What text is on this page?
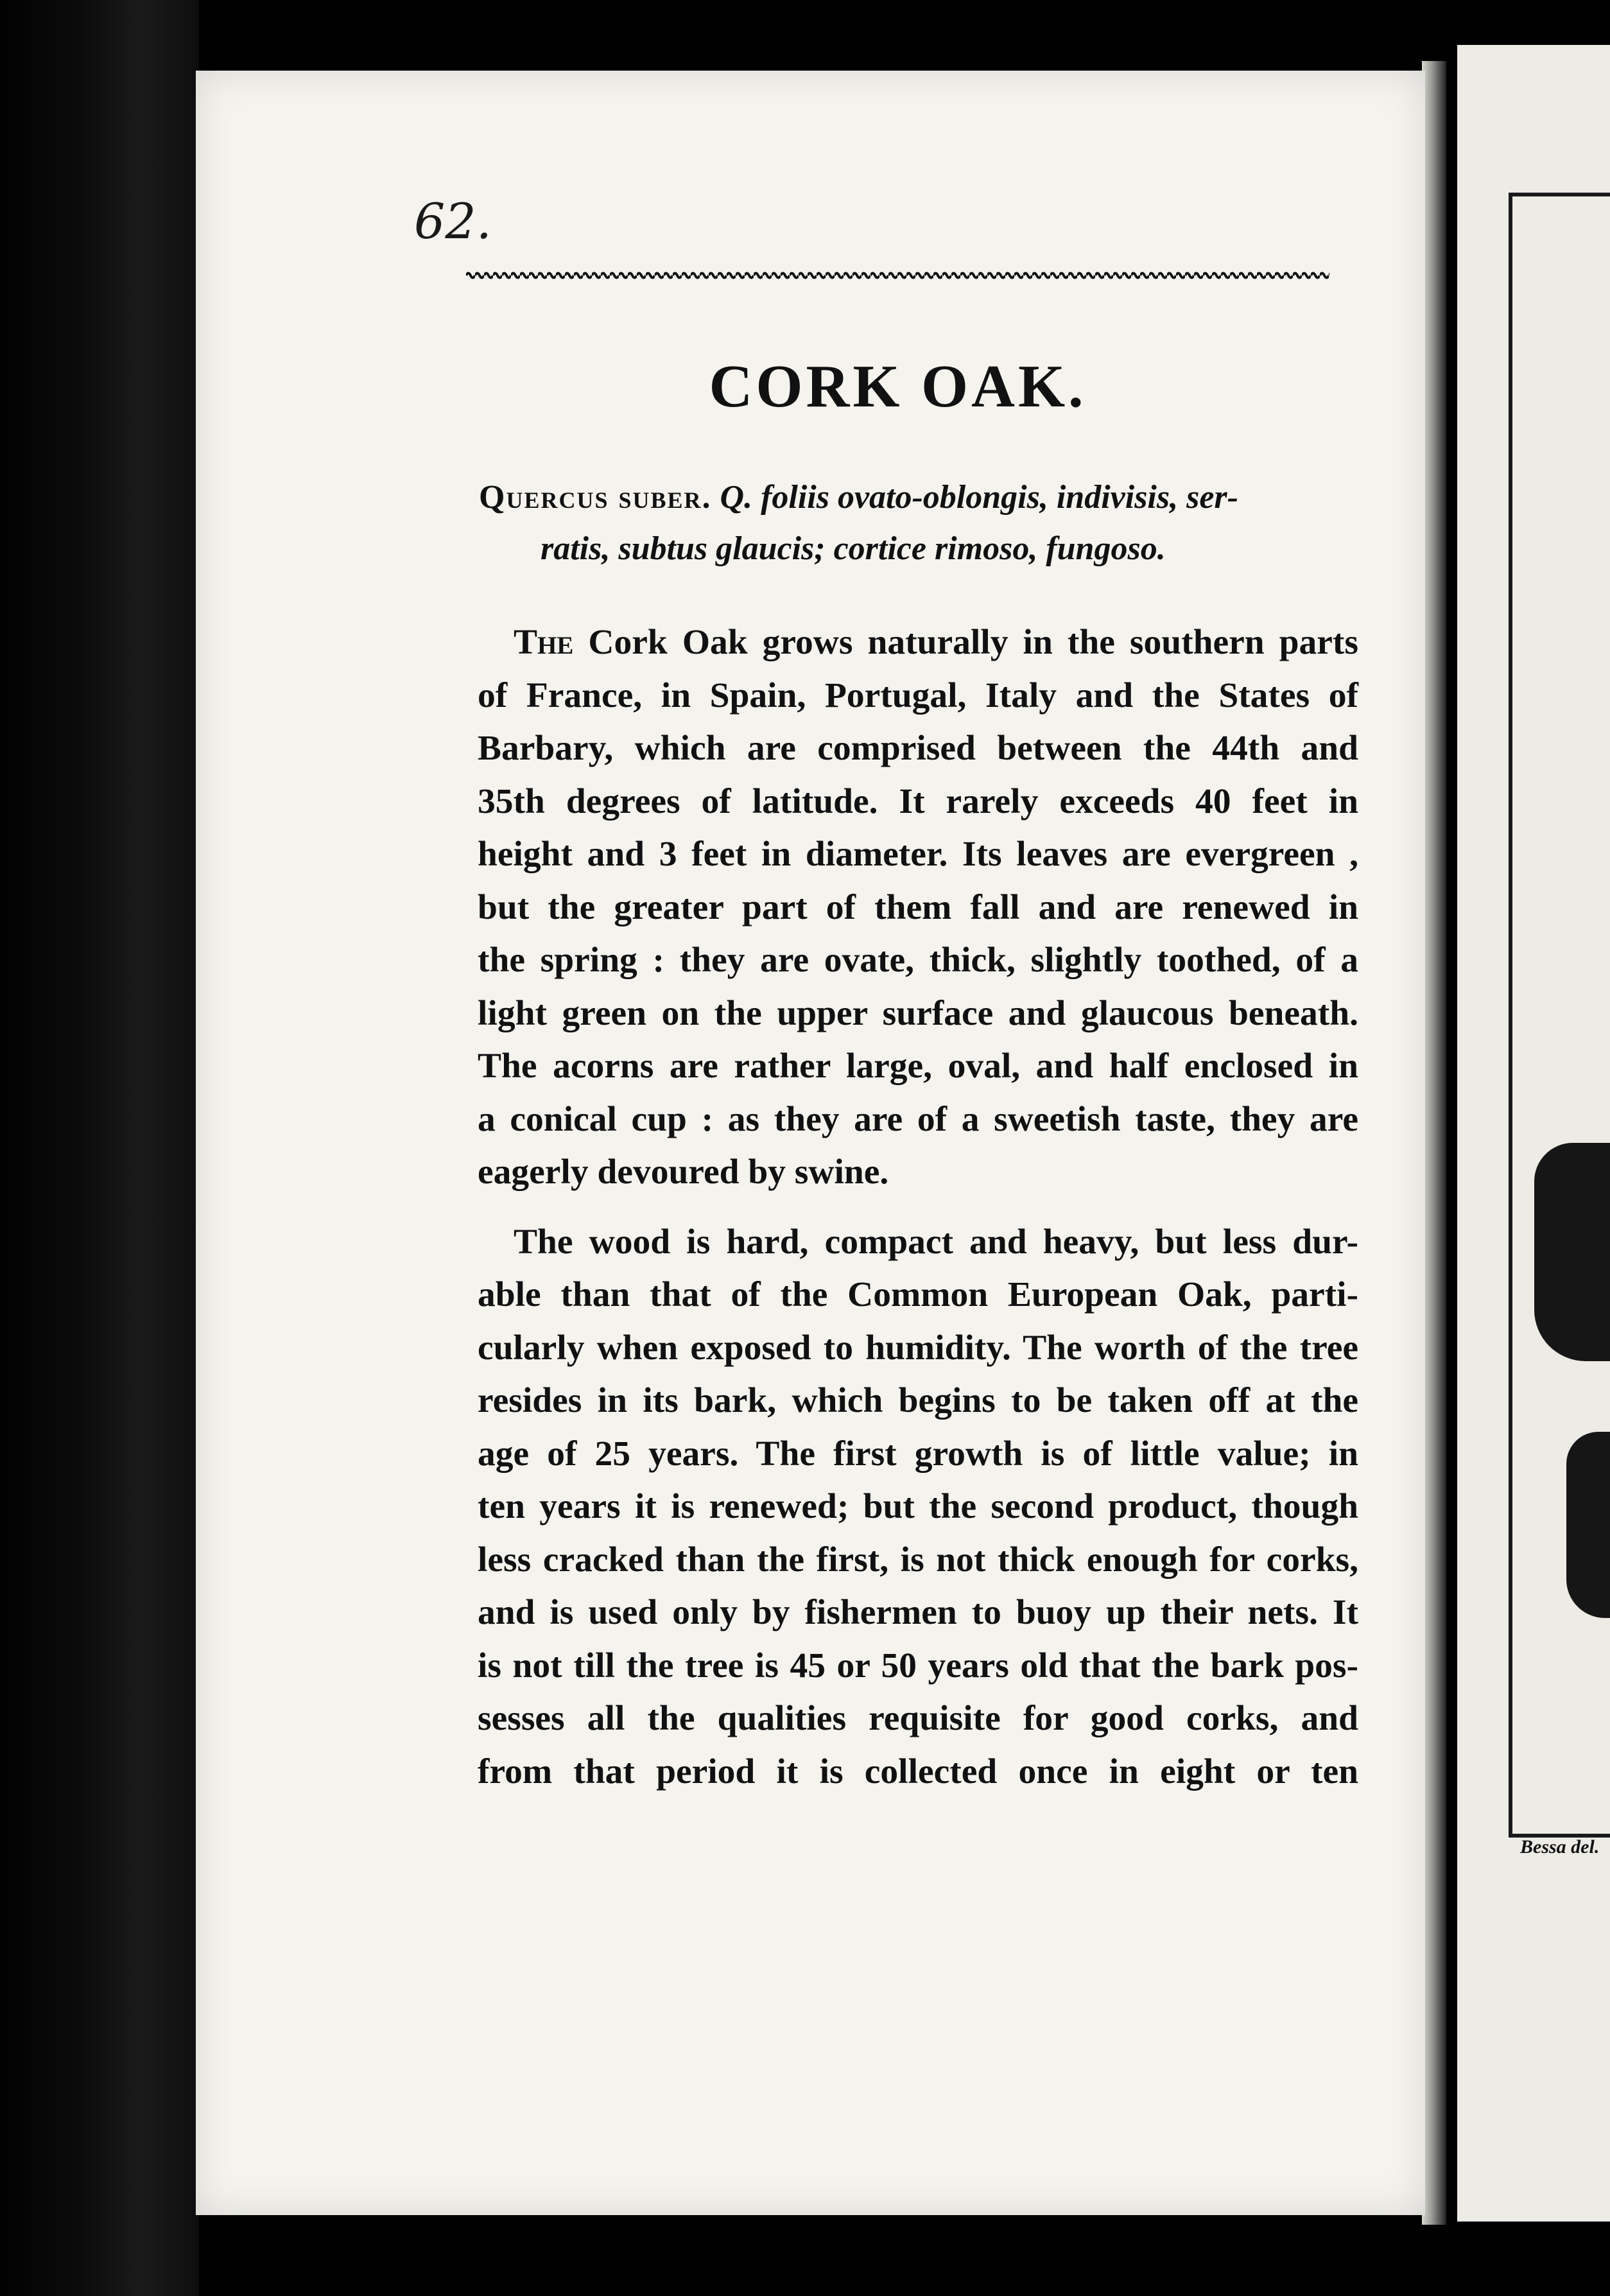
Bessa del.
62.
CORK OAK.
Quercus suber. Q. foliis ovato-oblongis, indivisis, ser-
ratis, subtus glaucis; cortice rimoso, fungoso.
The Cork Oak grows naturally in the southern parts
of France, in Spain, Portugal, Italy and the States of
Barbary, which are comprised between the 44th and
35th degrees of latitude. It rarely exceeds 40 feet in
height and 3 feet in diameter. Its leaves are evergreen ,
but the greater part of them fall and are renewed in
the spring : they are ovate, thick, slightly toothed, of a
light green on the upper surface and glaucous beneath.
The acorns are rather large, oval, and half enclosed in
a conical cup : as they are of a sweetish taste, they are
eagerly devoured by swine.
The wood is hard, compact and heavy, but less dur-
able than that of the Common European Oak, parti-
cularly when exposed to humidity. The worth of the tree
resides in its bark, which begins to be taken off at the
age of 25 years. The first growth is of little value; in
ten years it is renewed; but the second product, though
less cracked than the first, is not thick enough for corks,
and is used only by fishermen to buoy up their nets. It
is not till the tree is 45 or 50 years old that the bark pos-
sesses all the qualities requisite for good corks, and
from that period it is collected once in eight or ten
